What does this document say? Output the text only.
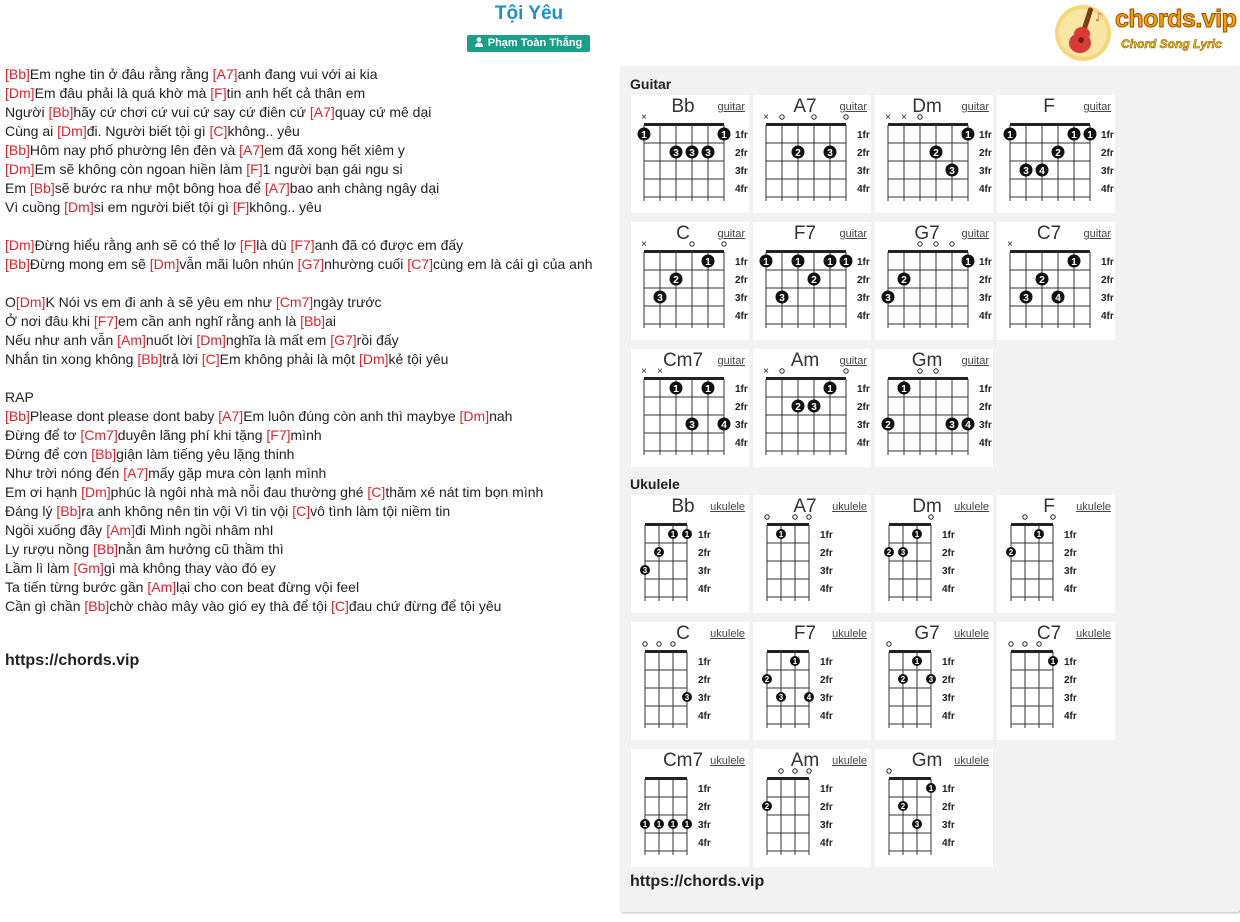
Tội Yêu
Phạm Toàn Thắng
♪ chords.vip
Chord Song Lyric
[Bb]Em nghe tin ở đâu rằng rằng [A7]anh đang vui với ai kia
[Dm]Em đâu phải là quá khờ mà [F]tin anh hết cả thân em
Người [Bb]hãy cứ chơi cứ vui cứ say cứ điên cứ [A7]quay cứ mê dại
Cùng ai [Dm]đi. Người biết tội gì [C]không.. yêu
[Bb]Hôm nay phố phường lên đèn và [A7]em đã xong hết xiêm y
[Dm]Em sẽ không còn ngoan hiền làm [F]1 người bạn gái ngu si
Em [Bb]sẽ bước ra như một bông hoa để [A7]bao anh chàng ngây dại
Vì cuồng [Dm]si em người biết tội gì [F]không.. yêu
[Dm]Đừng hiểu rằng anh sẽ có thể lơ [F]là dù [F7]anh đã có được em đấy
[Bb]Đừng mong em sẽ [Dm]vẫn mãi luôn nhún [G7]nhường cuối [C7]cùng em là cái gì của anh
O[Dm]K Nói vs em đi anh à sẽ yêu em như [Cm7]ngày trước
Ở nơi đâu khi [F7]em cần anh nghĩ rằng anh là [Bb]ai
Nếu như anh vẫn [Am]nuốt lời [Dm]nghĩa là mất em [G7]rồi đấy
Nhắn tin xong không [Bb]trả lời [C]Em không phải là một [Dm]kẻ tội yêu
RAP
[Bb]Please dont please dont baby [A7]Em luôn đúng còn anh thì maybye [Dm]nah
Đừng để tơ [Cm7]duyên lãng phí khi tặng [F7]mình
Đừng để cơn [Bb]giận làm tiếng yêu lặng thinh
Như trời nóng đến [A7]mấy gặp mưa còn lạnh mình
Em ơi hạnh [Dm]phúc là ngôi nhà mà nỗi đau thường ghé [C]thăm xé nát tim bọn mình
Đáng lý [Bb]ra anh không nên tin vội Vì tin vội [C]vô tình làm tội niềm tin
Ngồi xuống đây [Am]đi Mình ngồi nhâm nhI
Ly rượu nồng [Bb]nằn âm hưởng cũ thầm thì
Lầm lì làm [Gm]gì mà không thay vào đó ey
Ta tiến từng bước gần [Am]lại cho con beat đừng vội feel
Cần gì chần [Bb]chờ chào mây vào gió ey thà để tội [C]đau chứ đừng để tội yêu
https://chords.vip
Guitar
Ukulele
https://chords.vip
1fr
2fr
3fr
4fr
×
1
3 3 3
1
Bb	guitar
1fr
2fr
3fr
4fr
×
2	3
A7	guitar
1fr
2fr
3fr
4fr
× ×
1
2
3
Dm	guitar
1fr
2fr
3fr
4fr
1	1 1
2
3 4
F	guitar
1fr
2fr
3fr
4fr
×
1
2
3
C	guitar
1fr
2fr
3fr
4fr
1	1	1 1
2
3
F7	guitar
1fr
2fr
3fr
4fr
1
2
3
G7	guitar
1fr
2fr
3fr
4fr
×
1
2
3	4
C7	guitar
1fr
2fr
3fr
4fr
× ×
1	1
3	4
Cm7	guitar
1fr
2fr
3fr
4fr
×
1
2 3
Am	guitar
1fr
2fr
3fr
4fr
1
2	3 4
Gm	guitar
1fr
2fr
3fr
4fr
1 1
2
3
Bb	ukulele
1fr
2fr
3fr
4fr
1
A7	ukulele
1fr
2fr
3fr
4fr
1
2 3
Dm	ukulele
1fr
2fr
3fr
4fr
1
2
F	ukulele
1fr
2fr
3fr
4fr
3
C	ukulele
1fr
2fr
3fr
4fr
1
2
3	4
F7	ukulele
1fr
2fr
3fr
4fr
1
2	3
G7	ukulele
1fr
2fr
3fr
4fr
1
C7	ukulele
1fr
2fr
3fr
4fr
1 1 1 1
Cm7 ukulele
1fr
2fr
3fr
4fr
2
Am	ukulele
1fr
2fr
3fr
4fr
1
2
3
Gm	ukulele
